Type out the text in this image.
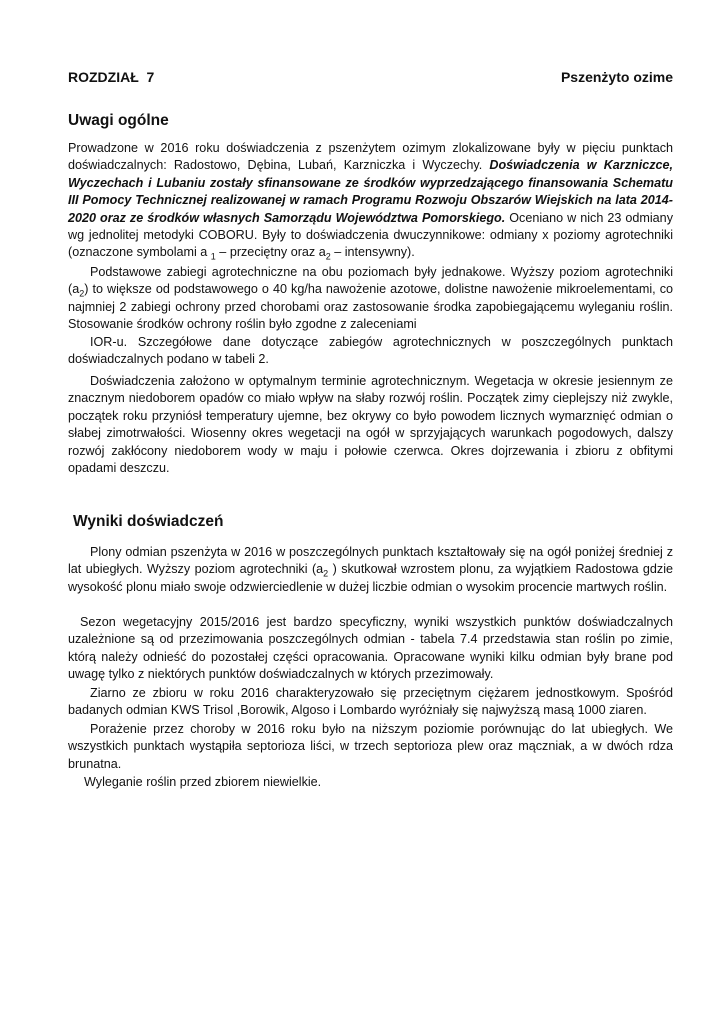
ROZDZIAŁ  7	Pszenżyto ozime
Uwagi ogólne

Prowadzone w 2016 roku doświadczenia z pszenżytem ozimym zlokalizowane były w pięciu punktach doświadczalnych: Radostowo, Dębina, Lubań, Karzniczka i Wyczechy. Doświadczenia w Karzniczce, Wyczechach i Lubaniu zostały sfinansowane ze środków wyprzedzającego finansowania Schematu III Pomocy Technicznej realizowanej w ramach Programu Rozwoju Obszarów Wiejskich na lata 2014-2020 oraz ze środków własnych Samorządu Województwa Pomorskiego. Oceniano w nich 23 odmiany wg jednolitej metodyki COBORU. Były to doświadczenia dwuczynnikowe: odmiany x poziomy agrotechniki (oznaczone symbolami a $_1$ – przeciętny oraz $a_2$ – intensywny).

Podstawowe zabiegi agrotechniczne na obu poziomach były jednakowe. Wyższy poziom agrotechniki $(a_2)$ to większe od podstawowego o 40 kg/ha nawożenie azotowe, dolistne nawożenie mikroelementami, co najmniej 2 zabiegi ochrony przed chorobami oraz zastosowanie środka zapobiegającemu wyleganiu roślin. Stosowanie środków ochrony roślin było zgodne z zaleceniami

IOR-u. Szczegółowe dane dotyczące zabiegów agrotechnicznych w poszczególnych punktach doświadczalnych podano w tabeli 2.

Doświadczenia założono w optymalnym terminie agrotechnicznym. Wegetacja w okresie jesiennym ze znacznym niedoborem opadów co miało wpływ na słaby rozwój roślin. Początek zimy cieplejszy niż zwykle, początek roku przyniósł temperatury ujemne, bez okrywy co było powodem licznych wymarznięć odmian o słabej zimotrwałości. Wiosenny okres wegetacji na ogół w sprzyjających warunkach pogodowych, dalszy rozwój zakłócony niedoborem wody w maju i połowie czerwca. Okres dojrzewania i zbioru z obfitymi opadami deszczu.

Wyniki doświadczeń

Plony odmian pszenżyta w 2016 w poszczególnych punktach kształtowały się na ogół poniżej średniej z lat ubiegłych. Wyższy poziom agrotechniki ($a_2$ ) skutkował wzrostem plonu, za wyjątkiem Radostowa gdzie wysokość plonu miało swoje odzwierciedlenie w dużej liczbie odmian o wysokim procencie martwych roślin.

Sezon wegetacyjny 2015/2016 jest bardzo specyficzny, wyniki wszystkich punktów doświadczalnych uzależnione są od przezimowania poszczególnych odmian - tabela 7.4 przedstawia stan roślin po zimie, którą należy odnieść do pozostałej części opracowania. Opracowane wyniki kilku odmian były brane pod uwagę tylko z niektórych punktów doświadczalnych w których przezimowały.

Ziarno ze zbioru w roku 2016 charakteryzowało się przeciętnym ciężarem jednostkowym. Spośród badanych odmian KWS Trisol ,Borowik, Algoso i Lombardo wyróżniały się najwyższą masą 1000 ziaren.

Porażenie przez choroby w 2016 roku było na niższym poziomie porównując do lat ubiegłych. We wszystkich punktach wystąpiła septorioza liści, w trzech septorioza plew oraz mączniak, a w dwóch rdza brunatna.

Wyleganie roślin przed zbiorem niewielkie.
